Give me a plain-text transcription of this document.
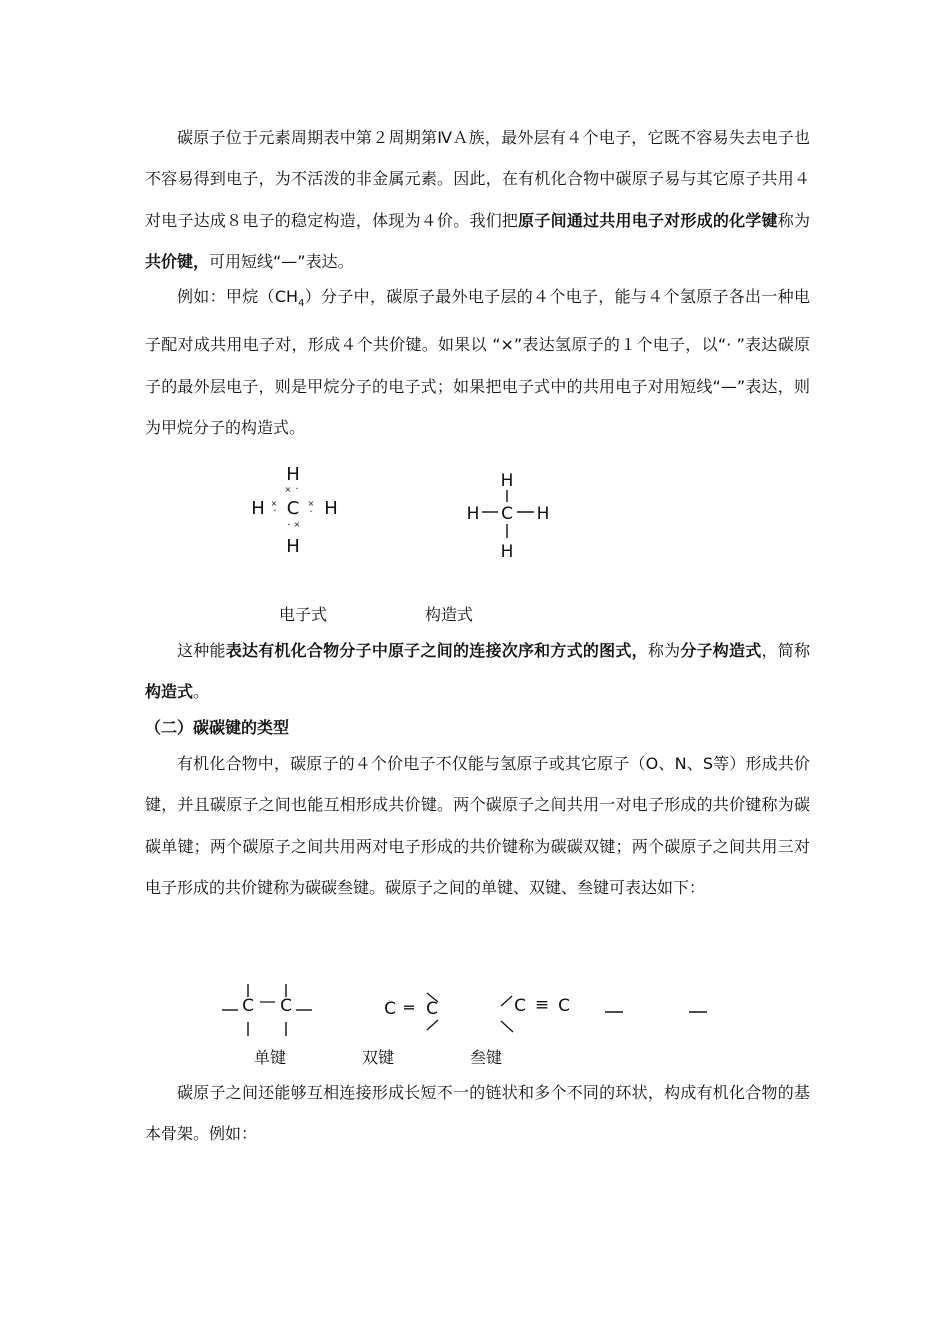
碳原子位于元素周期表中第２周期第ⅣＡ族，最外层有４个电子，它既不容易失去电子也不容易得到电子，为不活泼的非金属元素。因此，在有机化合物中碳原子易与其它原子共用４对电子达成８电子的稳定构造，体现为４价。我们把原子间通过共用电子对形成的化学键称为共价键，可用短线“—”表达。

例如：甲烷$(CH_4)$分子中，碳原子最外电子层的４个电子，能与４个氢原子各出一种电子配对成共用电子对，形成４个共价键。如果以 “×”表达氢原子的１个电子，以“· ”表达碳原子的最外层电子，则是甲烷分子的电子式；如果把电子式中的共用电子对用短线“—”表达，则为甲烷分子的构造式。

H
H C H
H
× ·
×
·
×
·
· ×
H
H C H
H
C C	C ═ C	C ≡ C
电子式	构造式

这种能表达有机化合物分子中原子之间的连接次序和方式的图式，称为分子构造式，简称构造式。

（二）碳碳键的类型

有机化合物中，碳原子的４个价电子不仅能与氢原子或其它原子（O、N、S等）形成共价键，并且碳原子之间也能互相形成共价键。两个碳原子之间共用一对电子形成的共价键称为碳碳单键；两个碳原子之间共用两对电子形成的共价键称为碳碳双键；两个碳原子之间共用三对电子形成的共价键称为碳碳叁键。碳原子之间的单键、双键、叁键可表达如下：

单键	双键	叁键

碳原子之间还能够互相连接形成长短不一的链状和多个不同的环状，构成有机化合物的基本骨架。例如：
